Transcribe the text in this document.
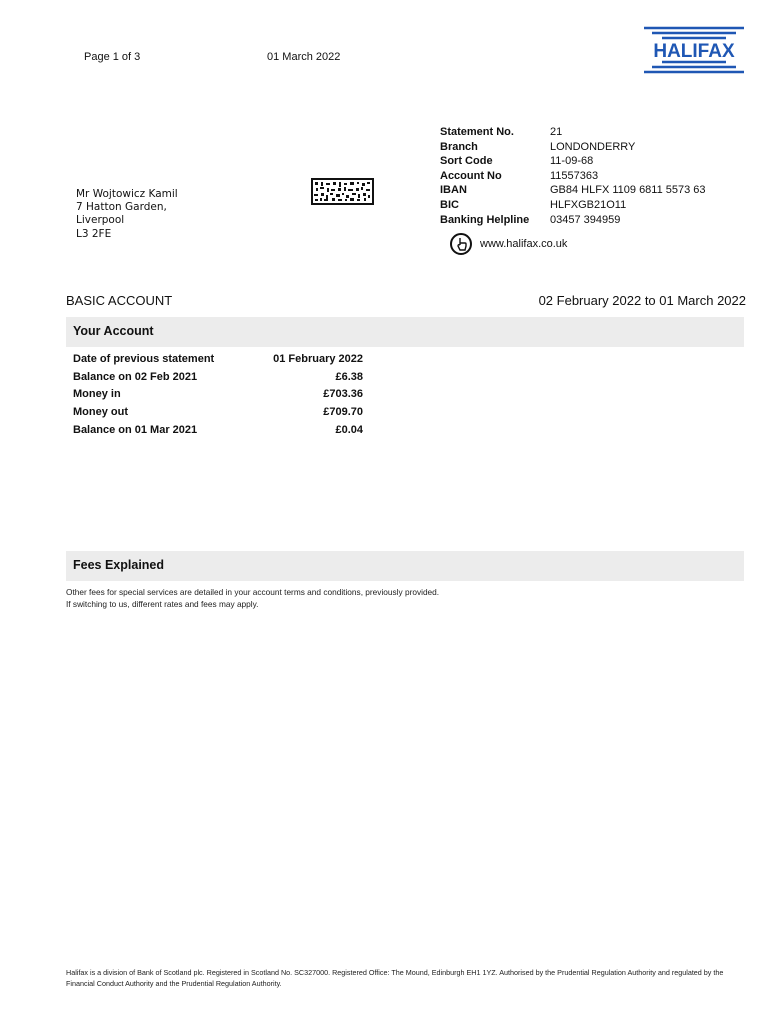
Page 1 of 3	01 March 2022	HALIFAX
Statement No.	21
Branch	LONDONDERRY
Sort Code	11-09-68
Account No	11557363
IBAN	GB84 HLFX 1109 6811 5573 63
BIC	HLFXGB21O11
Banking Helpline	03457 394959
www.halifax.co.uk
Mr Wojtowicz Kamil
7 Hatton Garden,
Liverpool
L3 2FE
BASIC ACCOUNT	02 February 2022 to 01 March 2022
Your Account
Date of previous statement	01 February 2022
Balance on 02 Feb 2021	£6.38
Money in	£703.36
Money out	£709.70
Balance on 01 Mar 2021	£0.04
Fees Explained
Other fees for special services are detailed in your account terms and conditions, previously provided.
If switching to us, different rates and fees may apply.
Halifax is a division of Bank of Scotland plc. Registered in Scotland No. SC327000. Registered Office: The Mound, Edinburgh EH1 1YZ. Authorised by the Prudential Regulation Authority and regulated by the Financial Conduct Authority and the Prudential Regulation Authority.
